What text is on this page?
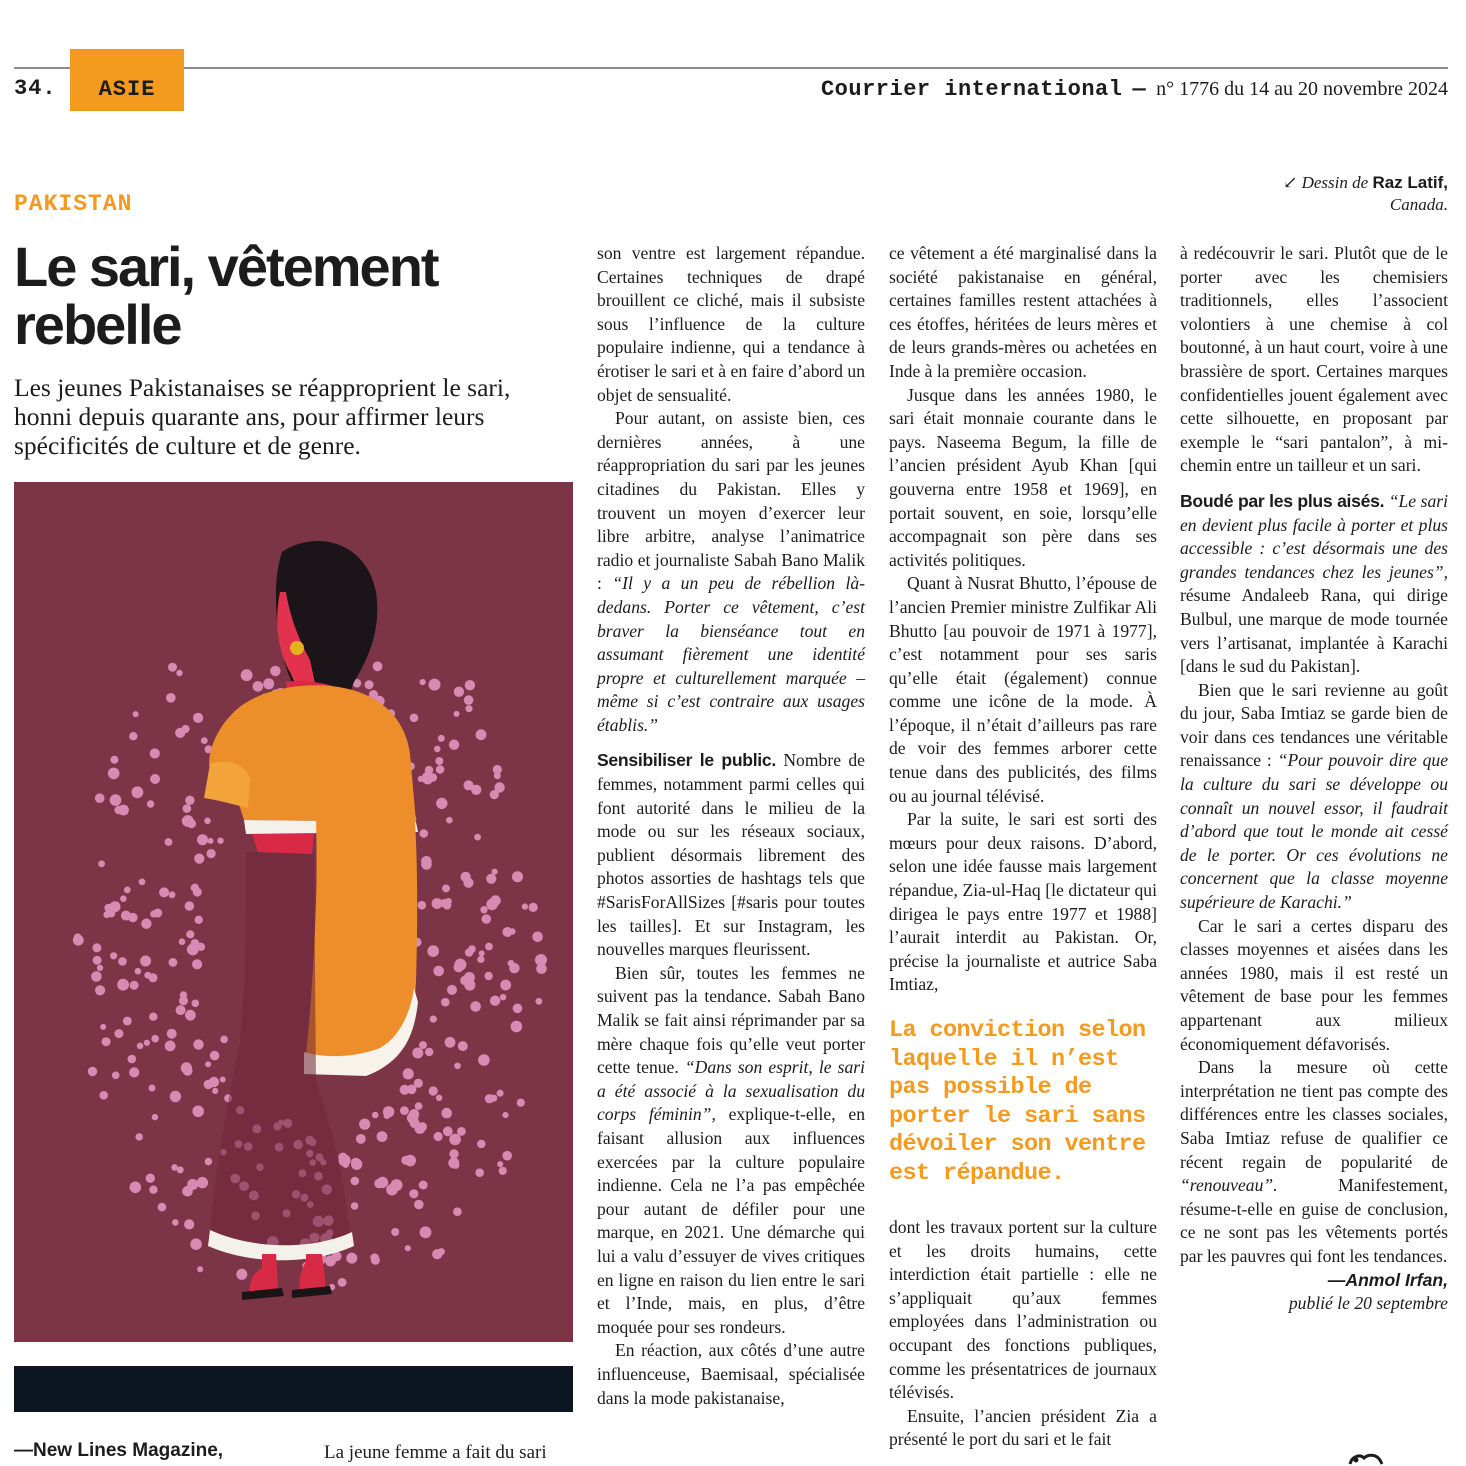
ASIE
34.	Courrier international — n° 1776 du 14 au 20 novembre 2024
PAKISTAN
Le sari, vêtement rebelle

Les jeunes Pakistanaises se réapproprient le sari, honni depuis quarante ans, pour affirmer leurs spécificités de culture et de genre.

↙ Dessin de Raz Latif,
Canada.
—New Lines Magazine,	La jeune femme a fait du sari

son ventre est largement répandue. Certaines techniques de drapé brouillent ce cliché, mais il subsiste sous l’influence de la culture populaire indienne, qui a tendance à érotiser le sari et à en faire d’abord un objet de sensualité.

Pour autant, on assiste bien, ces dernières années, à une réappropriation du sari par les jeunes citadines du Pakistan. Elles y trouvent un moyen d’exercer leur libre arbitre, analyse l’animatrice radio et journaliste Sabah Bano Malik : “Il y a un peu de rébellion là-dedans. Porter ce vêtement, c’est braver la bienséance tout en assumant fièrement une identité propre et culturellement marquée – même si c’est contraire aux usages établis.”

Sensibiliser le public. Nombre de femmes, notamment parmi celles qui font autorité dans le milieu de la mode ou sur les réseaux sociaux, publient désormais librement des photos assorties de hashtags tels que #SarisForAllSizes [#saris pour toutes les tailles]. Et sur Instagram, les nouvelles marques fleurissent.

Bien sûr, toutes les femmes ne suivent pas la tendance. Sabah Bano Malik se fait ainsi réprimander par sa mère chaque fois qu’elle veut porter cette tenue. “Dans son esprit, le sari a été associé à la sexualisation du corps féminin”, explique-t-elle, en faisant allusion aux influences exercées par la culture populaire indienne. Cela ne l’a pas empêchée pour autant de défiler pour une marque, en 2021. Une démarche qui lui a valu d’essuyer de vives critiques en ligne en raison du lien entre le sari et l’Inde, mais, en plus, d’être moquée pour ses rondeurs.

En réaction, aux côtés d’une autre influenceuse, Baemisaal, spécialisée dans la mode pakistanaise,

ce vêtement a été marginalisé dans la société pakistanaise en général, certaines familles restent attachées à ces étoffes, héritées de leurs mères et de leurs grands-mères ou achetées en Inde à la première occasion.

Jusque dans les années 1980, le sari était monnaie courante dans le pays. Naseema Begum, la fille de l’ancien président Ayub Khan [qui gouverna entre 1958 et 1969], en portait souvent, en soie, lorsqu’elle accompagnait son père dans ses activités politiques.

Quant à Nusrat Bhutto, l’épouse de l’ancien Premier ministre Zulfikar Ali Bhutto [au pouvoir de 1971 à 1977], c’est notamment pour ses saris qu’elle était (également) connue comme une icône de la mode. À l’époque, il n’était d’ailleurs pas rare de voir des femmes arborer cette tenue dans des publicités, des films ou au journal télévisé.

Par la suite, le sari est sorti des mœurs pour deux raisons. D’abord, selon une idée fausse mais largement répandue, Zia-ul-Haq [le dictateur qui dirigea le pays entre 1977 et 1988] l’aurait interdit au Pakistan. Or, précise la journaliste et autrice Saba Imtiaz,

La conviction selon laquelle il n’est pas possible de porter le sari sans dévoiler son ventre est répandue.

dont les travaux portent sur la culture et les droits humains, cette interdiction était partielle : elle ne s’appliquait qu’aux femmes employées dans l’administration ou occupant des fonctions publiques, comme les présentatrices de journaux télévisés.

Ensuite, l’ancien président Zia a présenté le port du sari et le fait

à redécouvrir le sari. Plutôt que de le porter avec les chemisiers traditionnels, elles l’associent volontiers à une chemise à col boutonné, à un haut court, voire à une brassière de sport. Certaines marques confidentielles jouent également avec cette silhouette, en proposant par exemple le “sari pantalon”, à mi-chemin entre un tailleur et un sari.

Boudé par les plus aisés. “Le sari en devient plus facile à porter et plus accessible : c’est désormais une des grandes tendances chez les jeunes”, résume Andaleeb Rana, qui dirige Bulbul, une marque de mode tournée vers l’artisanat, implantée à Karachi [dans le sud du Pakistan].

Bien que le sari revienne au goût du jour, Saba Imtiaz se garde bien de voir dans ces tendances une véritable renaissance : “Pour pouvoir dire que la culture du sari se développe ou connaît un nouvel essor, il faudrait d’abord que tout le monde ait cessé de le porter. Or ces évolutions ne concernent que la classe moyenne supérieure de Karachi.”

Car le sari a certes disparu des classes moyennes et aisées dans les années 1980, mais il est resté un vêtement de base pour les femmes appartenant aux milieux économiquement défavorisés.

Dans la mesure où cette interprétation ne tient pas compte des différences entre les classes sociales, Saba Imtiaz refuse de qualifier ce récent regain de popularité de “renouveau”. Manifestement, résume-t-elle en guise de conclusion, ce ne sont pas les vêtements portés par les pauvres qui font les tendances.

—Anmol Irfan,
publié le 20 septembre
